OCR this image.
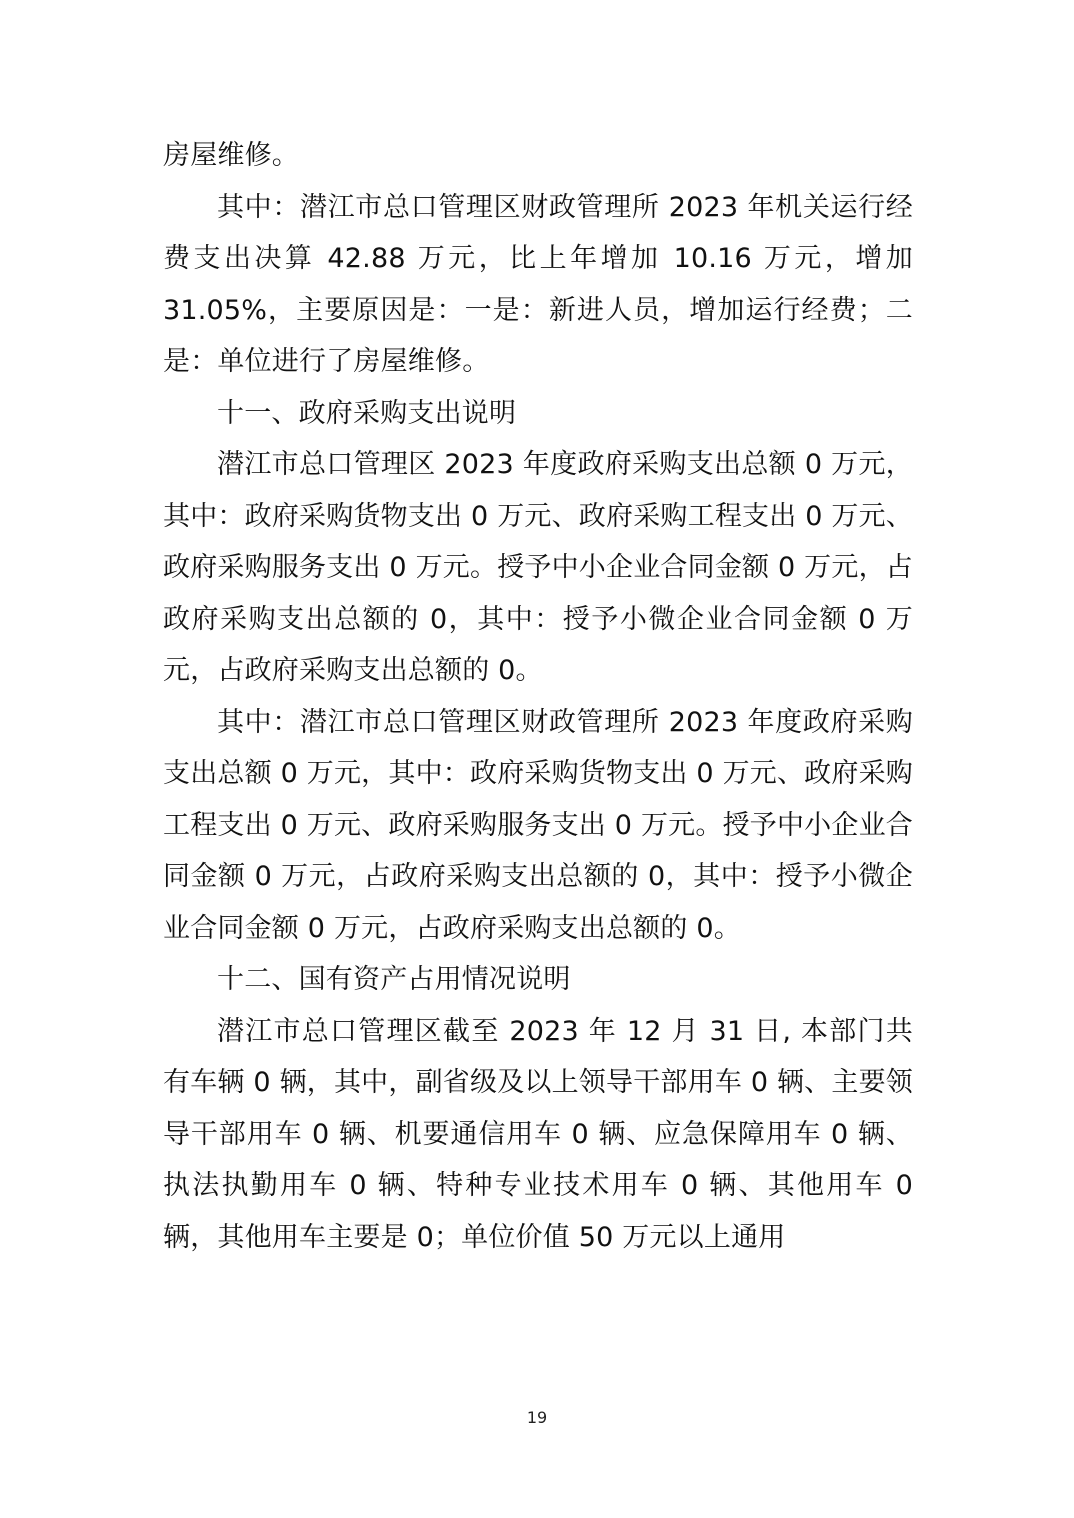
房屋维修。

其中：潜江市总口管理区财政管理所 2023 年机关运行经费支出决算 42.88 万元，比上年增加 10.16 万元，增加 31.05%，主要原因是：一是：新进人员，增加运行经费；二是：单位进行了房屋维修。

十一、政府采购支出说明

潜江市总口管理区 2023 年度政府采购支出总额 0 万元，其中：政府采购货物支出 0 万元、政府采购工程支出 0 万元、政府采购服务支出 0 万元。授予中小企业合同金额 0 万元，占政府采购支出总额的 0，其中：授予小微企业合同金额 0 万元，占政府采购支出总额的 0。

其中：潜江市总口管理区财政管理所 2023 年度政府采购支出总额 0 万元，其中：政府采购货物支出 0 万元、政府采购工程支出 0 万元、政府采购服务支出 0 万元。授予中小企业合同金额 0 万元，占政府采购支出总额的 0，其中：授予小微企业合同金额 0 万元，占政府采购支出总额的 0。

十二、国有资产占用情况说明

潜江市总口管理区截至 2023 年 12 月 31 日, 本部门共有车辆 0 辆，其中，副省级及以上领导干部用车 0 辆、主要领导干部用车 0 辆、机要通信用车 0 辆、应急保障用车 0 辆、执法执勤用车 0 辆、特种专业技术用车 0 辆、其他用车 0 辆，其他用车主要是 0；单位价值 50 万元以上通用

19
